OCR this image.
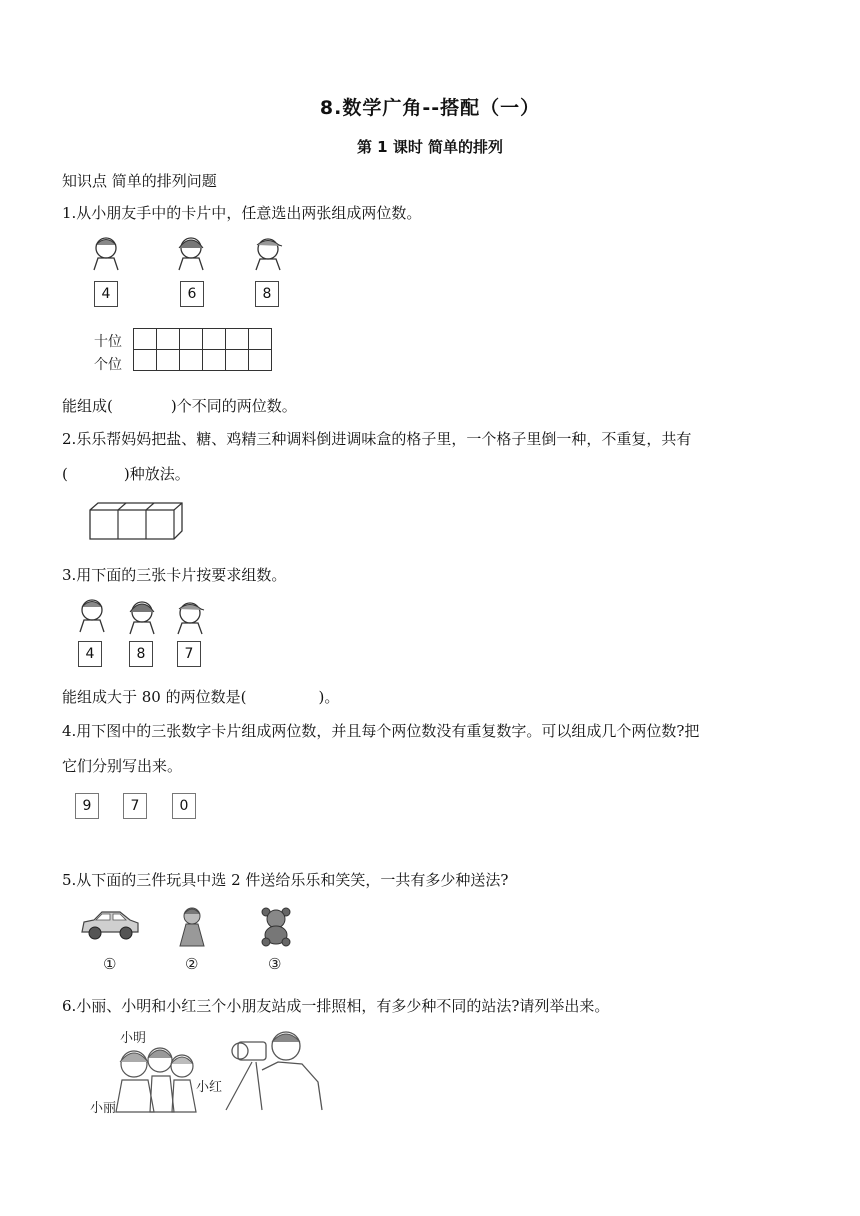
8.数学广角--搭配（一）
第 1 课时 简单的排列
知识点 简单的排列问题
1.从小朋友手中的卡片中，任意选出两张组成两位数。
4	6	8
十位
个位

能组成(	)个不同的两位数。
2.乐乐帮妈妈把盐、糖、鸡精三种调料倒进调味盒的格子里，一个格子里倒一种，不重复，共有
(	)种放法。
3.用下面的三张卡片按要求组数。
4	8	7
能组成大于 80 的两位数是(	)。
4.用下图中的三张数字卡片组成两位数，并且每个两位数没有重复数字。可以组成几个两位数?把
它们分别写出来。
9	7	0
5.从下面的三件玩具中选 2 件送给乐乐和笑笑，一共有多少种送法?
①	②	③
6.小丽、小明和小红三个小朋友站成一排照相，有多少种不同的站法?请列举出来。
小明
小红
小丽
